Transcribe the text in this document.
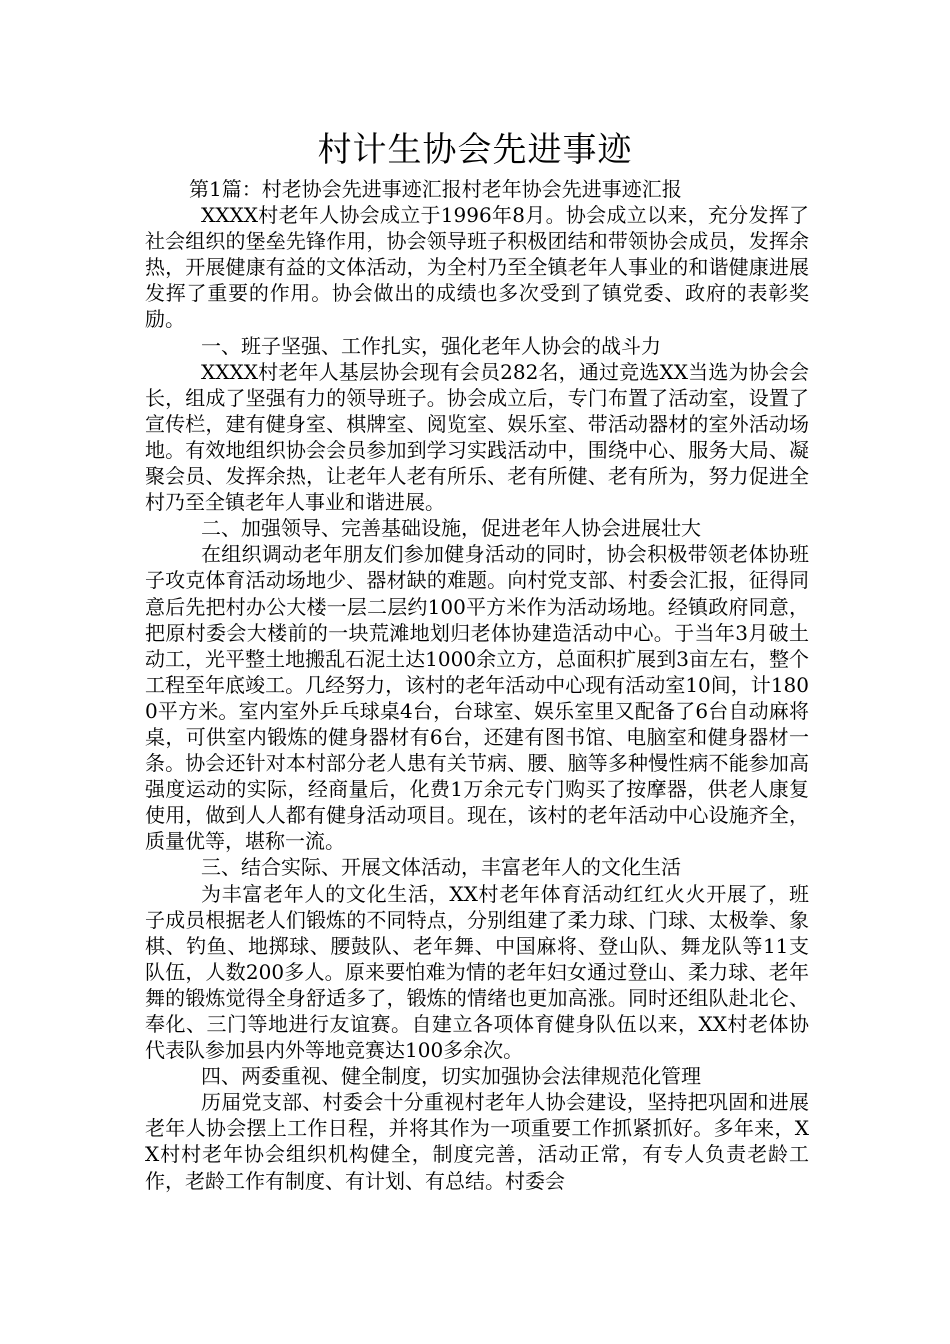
村计生协会先进事迹

第1篇：村老协会先进事迹汇报村老年协会先进事迹汇报

XXXX村老年人协会成立于1996年8月。协会成立以来，充分发挥了社会组织的堡垒先锋作用，协会领导班子积极团结和带领协会成员，发挥余热，开展健康有益的文体活动，为全村乃至全镇老年人事业的和谐健康进展发挥了重要的作用。协会做出的成绩也多次受到了镇党委、政府的表彰奖励。

一、班子坚强、工作扎实，强化老年人协会的战斗力

XXXX村老年人基层协会现有会员282名，通过竞选XX当选为协会会长，组成了坚强有力的领导班子。协会成立后，专门布置了活动室，设置了宣传栏，建有健身室、棋牌室、阅览室、娱乐室、带活动器材的室外活动场地。有效地组织协会会员参加到学习实践活动中，围绕中心、服务大局、凝聚会员、发挥余热，让老年人老有所乐、老有所健、老有所为，努力促进全村乃至全镇老年人事业和谐进展。

二、加强领导、完善基础设施，促进老年人协会进展壮大

在组织调动老年朋友们参加健身活动的同时，协会积极带领老体协班子攻克体育活动场地少、器材缺的难题。向村党支部、村委会汇报，征得同意后先把村办公大楼一层二层约100平方米作为活动场地。经镇政府同意，把原村委会大楼前的一块荒滩地划归老体协建造活动中心。于当年3月破土动工，光平整土地搬乱石泥土达1000余立方，总面积扩展到3亩左右，整个工程至年底竣工。几经努力，该村的老年活动中心现有活动室10间，计1800平方米。室内室外乒乓球桌4台，台球室、娱乐室里又配备了6台自动麻将桌，可供室内锻炼的健身器材有6台，还建有图书馆、电脑室和健身器材一条。协会还针对本村部分老人患有关节病、腰、脑等多种慢性病不能参加高强度运动的实际，经商量后，化费1万余元专门购买了按摩器，供老人康复使用，做到人人都有健身活动项目。现在，该村的老年活动中心设施齐全，质量优等，堪称一流。

三、结合实际、开展文体活动，丰富老年人的文化生活

为丰富老年人的文化生活，XX村老年体育活动红红火火开展了，班子成员根据老人们锻炼的不同特点，分别组建了柔力球、门球、太极拳、象棋、钓鱼、地掷球、腰鼓队、老年舞、中国麻将、登山队、舞龙队等11支队伍，人数200多人。原来要怕难为情的老年妇女通过登山、柔力球、老年舞的锻炼觉得全身舒适多了，锻炼的情绪也更加高涨。同时还组队赴北仑、奉化、三门等地进行友谊赛。自建立各项体育健身队伍以来，XX村老体协代表队参加县内外等地竞赛达100多余次。

四、两委重视、健全制度，切实加强协会法律规范化管理

历届党支部、村委会十分重视村老年人协会建设，坚持把巩固和进展老年人协会摆上工作日程，并将其作为一项重要工作抓紧抓好。多年来，XX村村老年协会组织机构健全，制度完善，活动正常，有专人负责老龄工作，老龄工作有制度、有计划、有总结。村委会
